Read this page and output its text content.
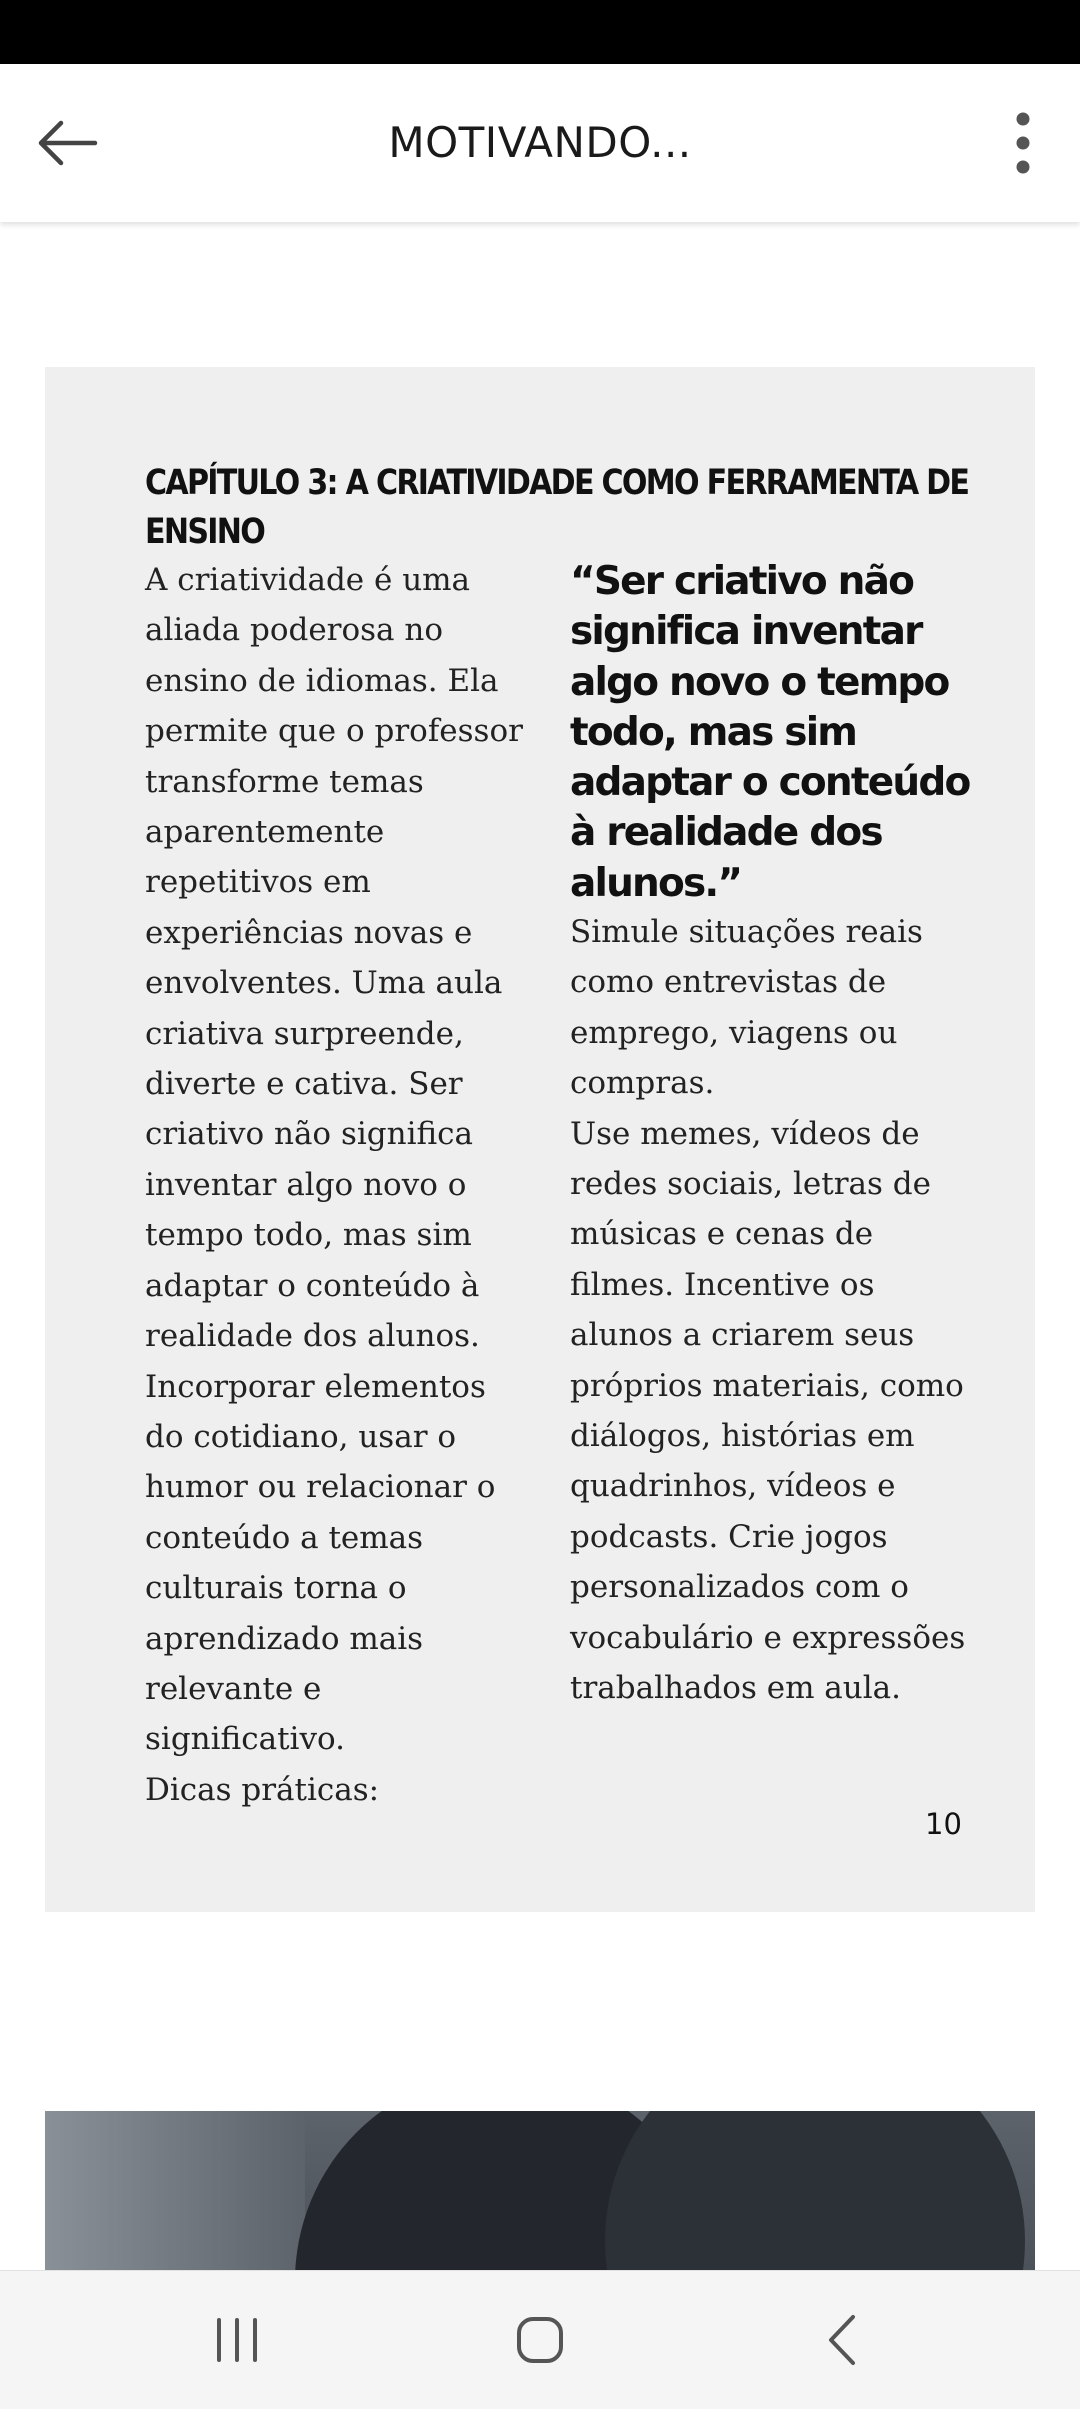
MOTIVANDO...
CAPÍTULO 3: A CRIATIVIDADE COMO FERRAMENTA DE ENSINO

A criatividade é uma aliada poderosa no ensino de idiomas. Ela permite que o professor transforme temas aparentemente repetitivos em experiências novas e envolventes. Uma aula criativa surpreende, diverte e cativa. Ser criativo não significa inventar algo novo o tempo todo, mas sim adaptar o conteúdo à realidade dos alunos. Incorporar elementos do cotidiano, usar o humor ou relacionar o conteúdo a temas culturais torna o aprendizado mais relevante e significativo.
Dicas práticas:

“Ser criativo não significa inventar algo novo o tempo todo, mas sim adaptar o conteúdo à realidade dos alunos.”

Simule situações reais como entrevistas de emprego, viagens ou compras.
Use memes, vídeos de redes sociais, letras de músicas e cenas de filmes. Incentive os alunos a criarem seus próprios materiais, como diálogos, histórias em quadrinhos, vídeos e podcasts. Crie jogos personalizados com o vocabulário e expressões trabalhados em aula.

10
